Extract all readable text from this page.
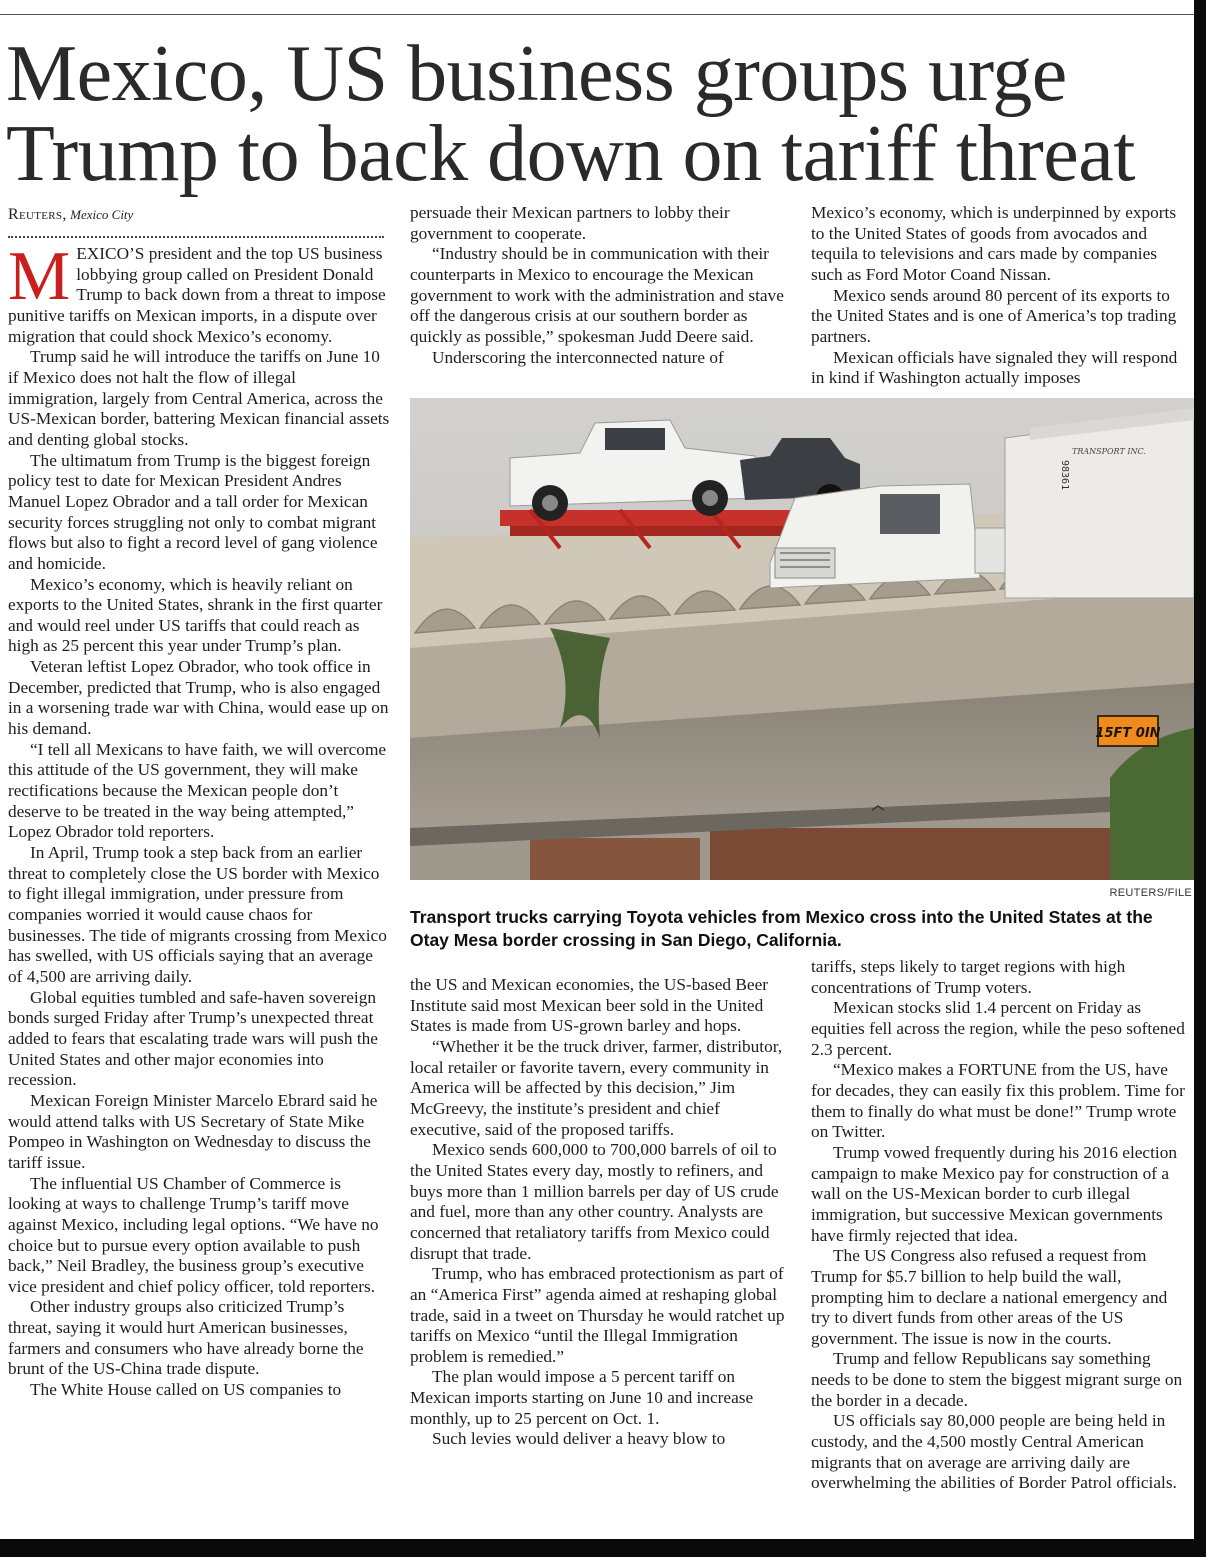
Mexico, US business groups urge Trump to back down on tariff threat
Reuters, Mexico City

MEXICO’S president and the top US business lobbying group called on President Donald Trump to back down from a threat to impose punitive tariffs on Mexican imports, in a dispute over migration that could shock Mexico’s economy.

Trump said he will introduce the tariffs on June 10 if Mexico does not halt the flow of illegal immigration, largely from Central America, across the US-Mexican border, battering Mexican financial assets and denting global stocks.

The ultimatum from Trump is the biggest foreign policy test to date for Mexican President Andres Manuel Lopez Obrador and a tall order for Mexican security forces struggling not only to combat migrant flows but also to fight a record level of gang violence and homicide.

Mexico’s economy, which is heavily reliant on exports to the United States, shrank in the first quarter and would reel under US tariffs that could reach as high as 25 percent this year under Trump’s plan.

Veteran leftist Lopez Obrador, who took office in December, predicted that Trump, who is also engaged in a worsening trade war with China, would ease up on his demand.

“I tell all Mexicans to have faith, we will overcome this attitude of the US government, they will make rectifications because the Mexican people don’t deserve to be treated in the way being attempted,” Lopez Obrador told reporters.

In April, Trump took a step back from an earlier threat to completely close the US border with Mexico to fight illegal immigration, under pressure from companies worried it would cause chaos for businesses. The tide of migrants crossing from Mexico has swelled, with US officials saying that an average of 4,500 are arriving daily.

Global equities tumbled and safe-haven sovereign bonds surged Friday after Trump’s unexpected threat added to fears that escalating trade wars will push the United States and other major economies into recession.

Mexican Foreign Minister Marcelo Ebrard said he would attend talks with US Secretary of State Mike Pompeo in Washington on Wednesday to discuss the tariff issue.

The influential US Chamber of Commerce is looking at ways to challenge Trump’s tariff move against Mexico, including legal options. “We have no choice but to pursue every option available to push back,” Neil Bradley, the business group’s executive vice president and chief policy officer, told reporters.

Other industry groups also criticized Trump’s threat, saying it would hurt American businesses, farmers and consumers who have already borne the brunt of the US-China trade dispute.

The White House called on US companies to

persuade their Mexican partners to lobby their government to cooperate.

“Industry should be in communication with their counterparts in Mexico to encourage the Mexican government to work with the administration and stave off the dangerous crisis at our southern border as quickly as possible,” spokesman Judd Deere said.

Underscoring the interconnected nature of

Mexico’s economy, which is underpinned by exports to the United States of goods from avocados and tequila to televisions and cars made by companies such as Ford Motor Coand Nissan.

Mexico sends around 80 percent of its exports to the United States and is one of America’s top trading partners.

Mexican officials have signaled they will respond in kind if Washington actually imposes

15FT 0IN
TRANSPORT INC.
98361
REUTERS/FILE
Transport trucks carrying Toyota vehicles from Mexico cross into the United States at the Otay Mesa border crossing in San Diego, California.

the US and Mexican economies, the US-based Beer Institute said most Mexican beer sold in the United States is made from US-grown barley and hops.

“Whether it be the truck driver, farmer, distributor, local retailer or favorite tavern, every community in America will be affected by this decision,” Jim McGreevy, the institute’s president and chief executive, said of the proposed tariffs.

Mexico sends 600,000 to 700,000 barrels of oil to the United States every day, mostly to refiners, and buys more than 1 million barrels per day of US crude and fuel, more than any other country. Analysts are concerned that retaliatory tariffs from Mexico could disrupt that trade.

Trump, who has embraced protectionism as part of an “America First” agenda aimed at reshaping global trade, said in a tweet on Thursday he would ratchet up tariffs on Mexico “until the Illegal Immigration problem is remedied.”

The plan would impose a 5 percent tariff on Mexican imports starting on June 10 and increase monthly, up to 25 percent on Oct. 1.

Such levies would deliver a heavy blow to

tariffs, steps likely to target regions with high concentrations of Trump voters.

Mexican stocks slid 1.4 percent on Friday as equities fell across the region, while the peso softened 2.3 percent.

“Mexico makes a FORTUNE from the US, have for decades, they can easily fix this problem. Time for them to finally do what must be done!” Trump wrote on Twitter.

Trump vowed frequently during his 2016 election campaign to make Mexico pay for construction of a wall on the US-Mexican border to curb illegal immigration, but successive Mexican governments have firmly rejected that idea.

The US Congress also refused a request from Trump for $5.7 billion to help build the wall, prompting him to declare a national emergency and try to divert funds from other areas of the US government. The issue is now in the courts.

Trump and fellow Republicans say something needs to be done to stem the biggest migrant surge on the border in a decade.

US officials say 80,000 people are being held in custody, and the 4,500 mostly Central American migrants that on average are arriving daily are overwhelming the abilities of Border Patrol officials.
